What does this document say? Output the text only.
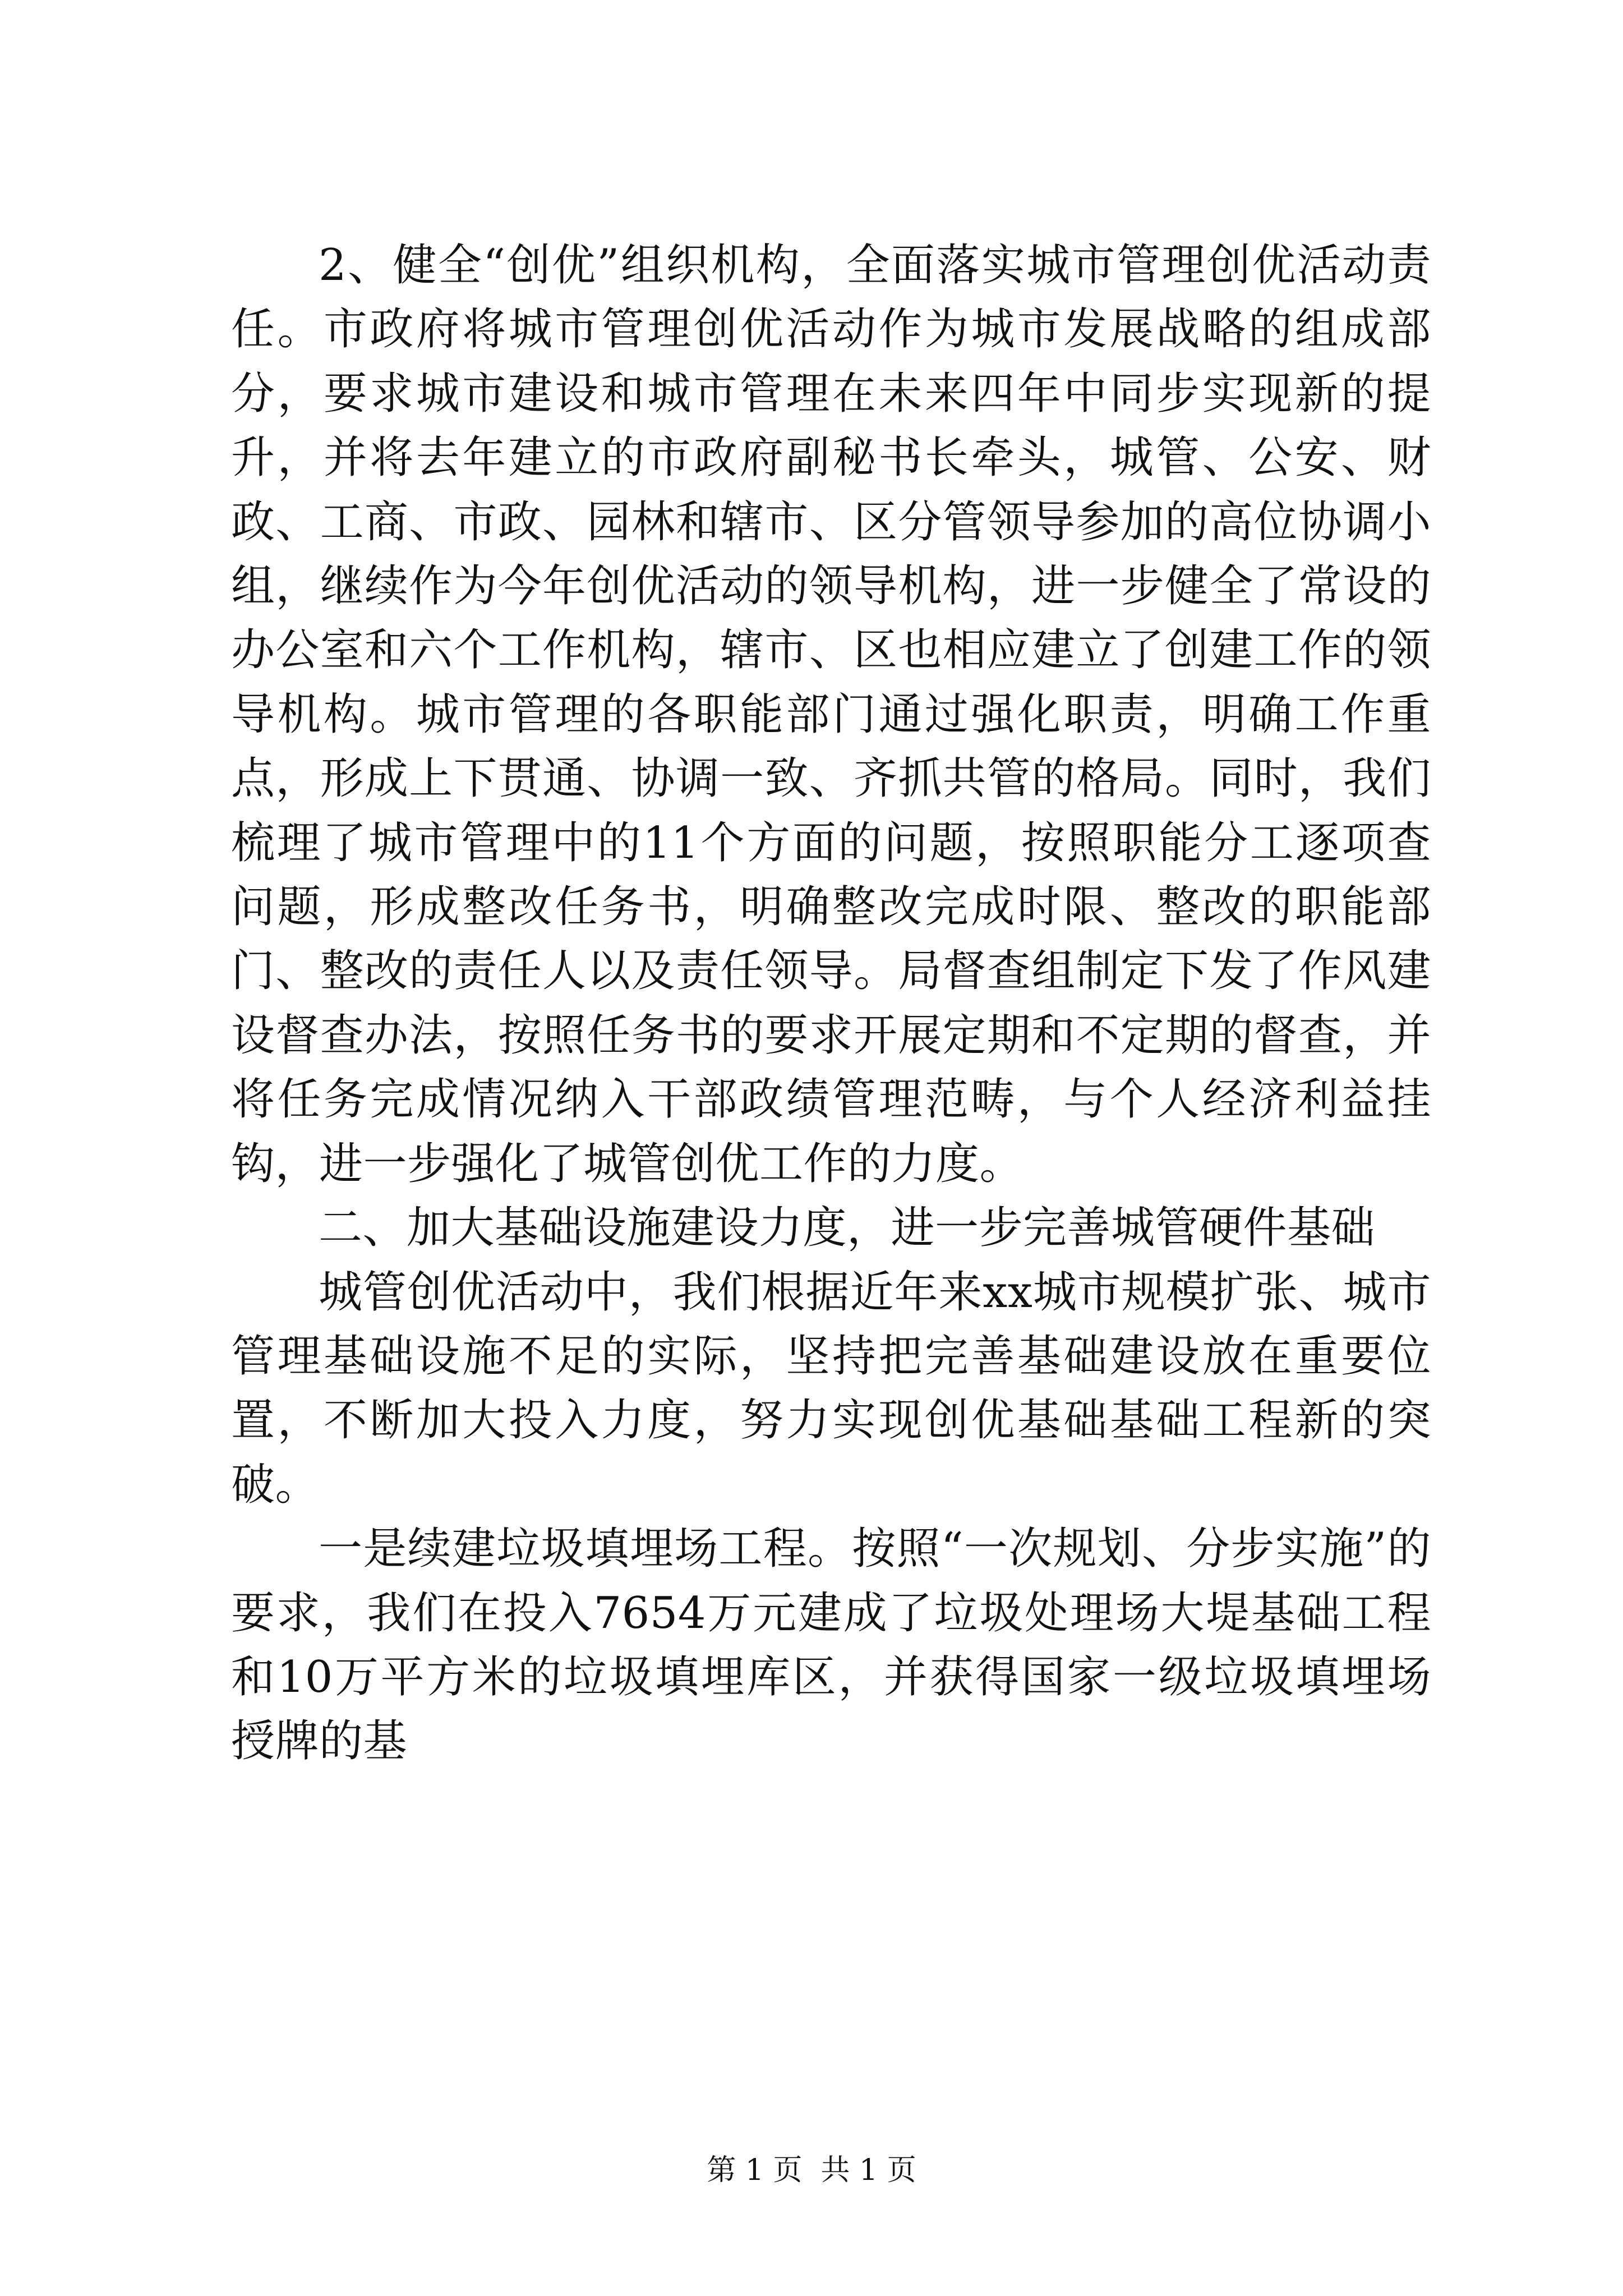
2、健全“创优”组织机构，全面落实城市管理创优活动责任。市政府将城市管理创优活动作为城市发展战略的组成部分，要求城市建设和城市管理在未来四年中同步实现新的提升，并将去年建立的市政府副秘书长牵头，城管、公安、财政、工商、市政、园林和辖市、区分管领导参加的高位协调小组，继续作为今年创优活动的领导机构，进一步健全了常设的办公室和六个工作机构，辖市、区也相应建立了创建工作的领导机构。城市管理的各职能部门通过强化职责，明确工作重点，形成上下贯通、协调一致、齐抓共管的格局。同时，我们梳理了城市管理中的11个方面的问题，按照职能分工逐项查问题，形成整改任务书，明确整改完成时限、整改的职能部门、整改的责任人以及责任领导。局督查组制定下发了作风建设督查办法，按照任务书的要求开展定期和不定期的督查，并将任务完成情况纳入干部政绩管理范畴，与个人经济利益挂钩，进一步强化了城管创优工作的力度。

二、加大基础设施建设力度，进一步完善城管硬件基础

城管创优活动中，我们根据近年来xx城市规模扩张、城市管理基础设施不足的实际，坚持把完善基础建设放在重要位置，不断加大投入力度，努力实现创优基础基础工程新的突破。

一是续建垃圾填埋场工程。按照“一次规划、分步实施”的要求，我们在投入7654万元建成了垃圾处理场大堤基础工程和10万平方米的垃圾填埋库区，并获得国家一级垃圾填埋场授牌的基

第 1 页  共 1 页
